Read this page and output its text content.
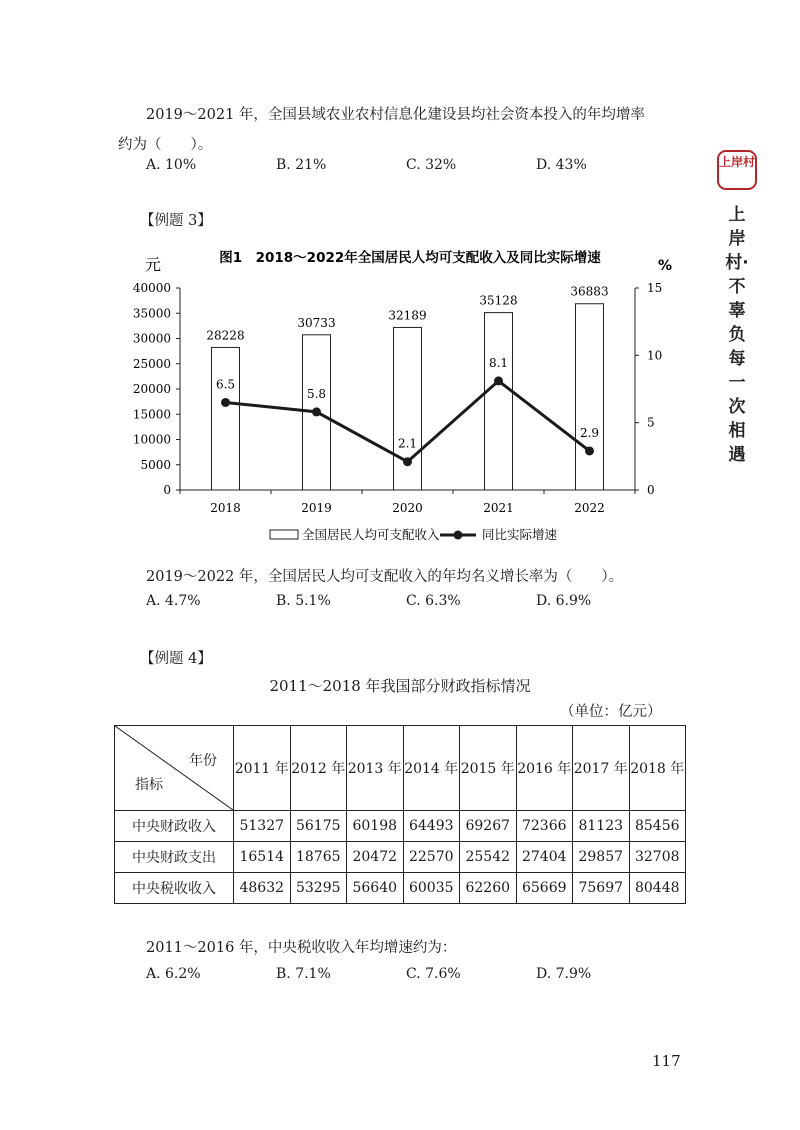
2019～2021 年，全国县域农业农村信息化建设县均社会资本投入的年均增率
约为（　　）。
A. 10%	B. 21%	C. 32%	D. 43%
【例题 3】
图1　2018～2022年全国居民人均可支配收入及同比实际增速
元	%
40000
35000
30000
25000
20000
15000
10000
5000
0
15
10
5
0
28228
2018
30733
2019
32189
2020
35128
2021
36883
2022
6.5
5.8
2.1
8.1
2.9
全国居民人均可支配收入	同比实际增速
2019～2022 年，全国居民人均可支配收入的年均名义增长率为（　　）。
A. 4.7%	B. 5.1%	C. 6.3%	D. 6.9%
【例题 4】
2011～2018 年我国部分财政指标情况
（单位：亿元）
年份
指标	2011 年	2012 年	2013 年	2014 年	2015 年	2016 年	2017 年	2018 年
中央财政收入	51327	56175	60198	64493	69267	72366	81123	85456
中央财政支出	16514	18765	20472	22570	25542	27404	29857	32708
中央税收收入	48632	53295	56640	60035	62260	65669	75697	80448
2011～2016 年，中央税收收入年均增速约为：
A. 6.2%	B. 7.1%	C. 7.6%	D. 7.9%
上岸村
上岸村·不辜负每一次相遇
117
